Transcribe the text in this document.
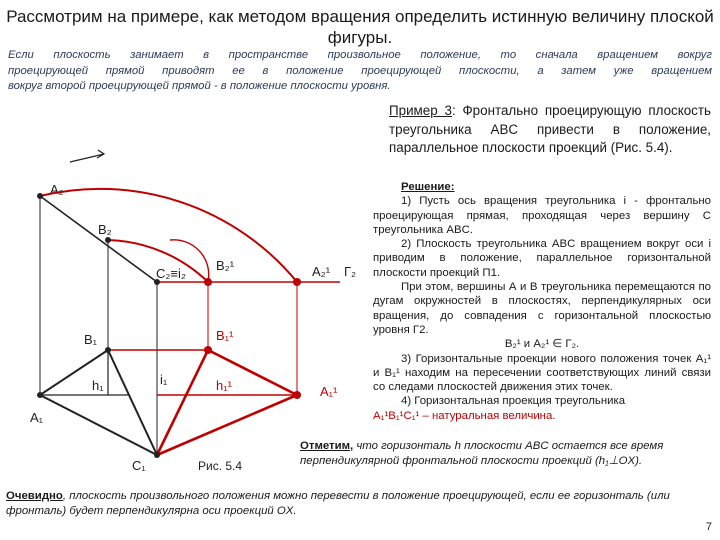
Рассмотрим на примере, как методом вращения определить истинную величину плоской фигуры.
Если плоскость занимает в пространстве произвольное положение, то сначала вращением вокруг
проецирующей прямой приводят ее в положение проецирующей плоскости, а затем уже вращением

вокруг второй проецирующей прямой - в положение плоскости уровня.
Пример 3: Фронтально проецирующую плоскость треугольника ABC привести в положение, параллельное плоскости проекций (Рис. 5.4).
Решение:
1) Пусть ось вращения треугольника i - фронтально проецирующая прямая, проходящая через вершину С треугольника ABC.
2) Плоскость треугольника ABC вращением вокруг оси i приводим в положение, параллельное горизонтальной плоскости проекций П1.
При этом, вершины А и В треугольника перемещаются по дугам окружностей в плоскостях, перпендикулярных оси вращения, до совпадения с горизонтальной плоскостью уровня Г2.
B₂¹ и A₂¹ ∈ Г₂.
3) Горизонтальные проекции нового положения точек А₁¹ и В₁¹ находим на пересечении соответствующих линий связи со следами плоскостей движения этих точек.
4) Горизонтальная проекция треугольника
A₁¹B₁¹C₁¹ – натуральная величина.
Отметим, что горизонталь h плоскости ABC остается все время перпендикулярной фронтальной плоскости проекций (h₁⊥OX).
Очевидно, плоскость произвольного положения можно перевести в положение проецирующей, если ее горизонталь (или фронталь) будет перпендикулярна оси проекций OX.
7
A₂
B₂
C₂≡i₂
B₂¹	A₂¹ Г₂
B₁
h₁	i₁
B₁¹
h₁¹
A₁
A₁¹
C₁	Рис. 5.4
